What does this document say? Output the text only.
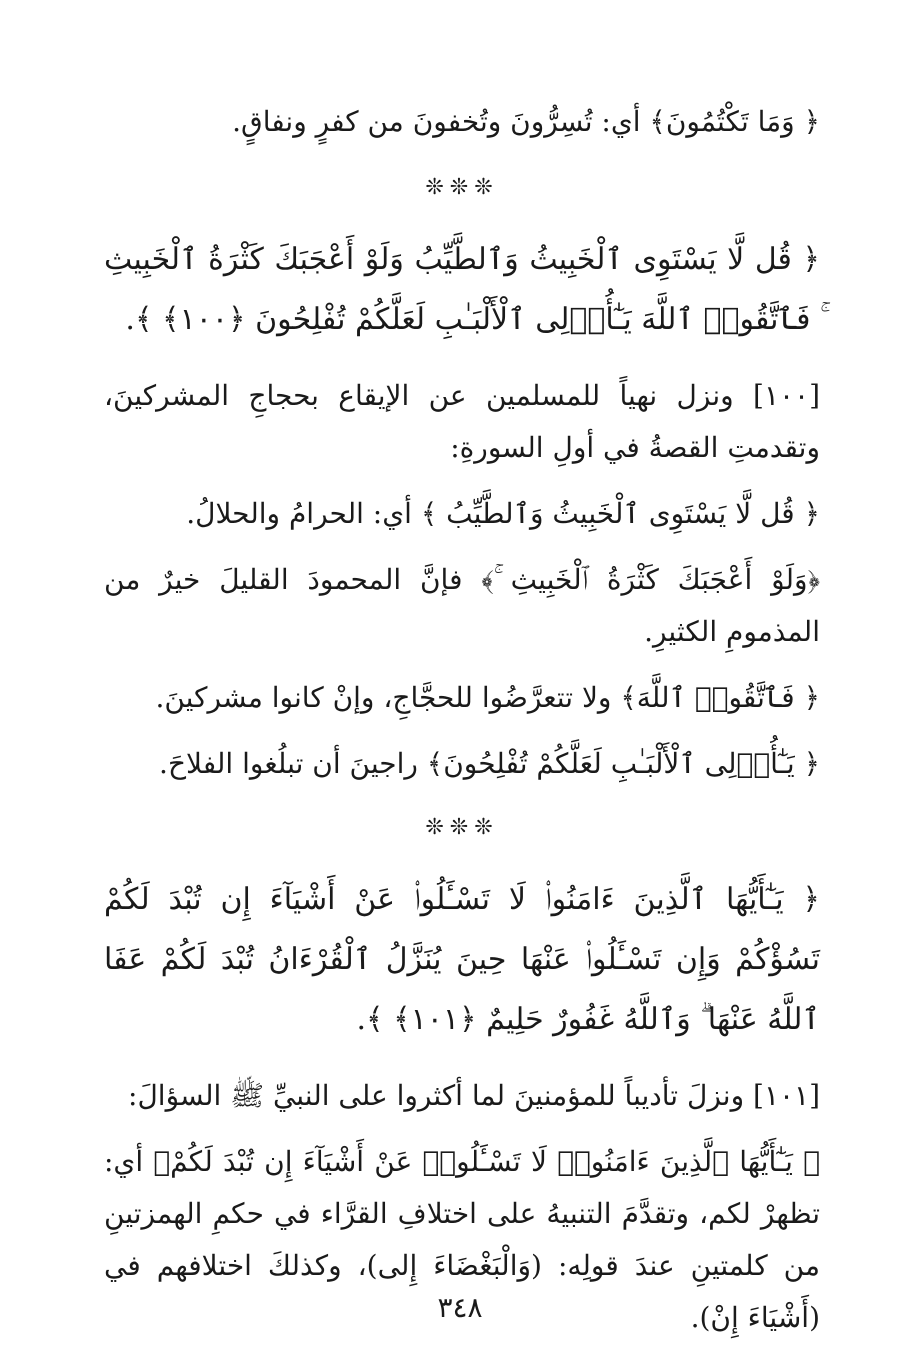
﴿ وَمَا تَكْتُمُونَ﴾ أي: تُسِرُّونَ وتُخفونَ من كفرٍ ونفاقٍ.
❊❊❊
﴿ قُل لَّا يَسْتَوِى ٱلْخَبِيثُ وَٱلطَّيِّبُ وَلَوْ أَعْجَبَكَ كَثْرَةُ ٱلْخَبِيثِ ۚ فَٱتَّقُوا۟ ٱللَّهَ يَـٰٓأُو۟لِى ٱلْأَلْبَـٰبِ لَعَلَّكُمْ تُفْلِحُونَ ﴿١٠٠﴾ ﴾.
[١٠٠] ونزل نهياً للمسلمين عن الإيقاع بحجاجِ المشركينَ، وتقدمتِ القصةُ في أولِ السورةِ:
﴿ قُل لَّا يَسْتَوِى ٱلْخَبِيثُ وَٱلطَّيِّبُ ﴾ أي: الحرامُ والحلالُ.
﴿وَلَوْ أَعْجَبَكَ كَثْرَةُ ٱلْخَبِيثِ ۚ﴾ فإنَّ المحمودَ القليلَ خيرٌ من المذمومِ الكثيرِ.
﴿ فَٱتَّقُوا۟ ٱللَّهَ﴾ ولا تتعرَّضُوا للحجَّاجِ، وإنْ كانوا مشركينَ.
﴿ يَـٰٓأُو۟لِى ٱلْأَلْبَـٰبِ لَعَلَّكُمْ تُفْلِحُونَ﴾ راجينَ أن تبلُغوا الفلاحَ.
❊❊❊
﴿ يَـٰٓأَيُّهَا ٱلَّذِينَ ءَامَنُوا۟ لَا تَسْـَٔلُوا۟ عَنْ أَشْيَآءَ إِن تُبْدَ لَكُمْ تَسُؤْكُمْ وَإِن تَسْـَٔلُوا۟ عَنْهَا حِينَ يُنَزَّلُ ٱلْقُرْءَانُ تُبْدَ لَكُمْ عَفَا ٱللَّهُ عَنْهَا ۗ وَٱللَّهُ غَفُورٌ حَلِيمٌ ﴿١٠١﴾ ﴾.
[١٠١] ونزلَ تأديباً للمؤمنينَ لما أكثروا على النبيِّ ﷺ السؤالَ:
﴿ يَـٰٓأَيُّهَا ٱلَّذِينَ ءَامَنُوا۟ لَا تَسْـَٔلُوا۟ عَنْ أَشْيَآءَ إِن تُبْدَ لَكُمْ﴾ أي: تظهرْ لكم، وتقدَّمَ التنبيهُ على اختلافِ القرَّاء في حكمِ الهمزتينِ من كلمتينِ عندَ قولِه: (وَالْبَغْضَاءَ إِلى)، وكذلكَ اختلافهم في (أَشْيَاءَ إِنْ).
٣٤٨
